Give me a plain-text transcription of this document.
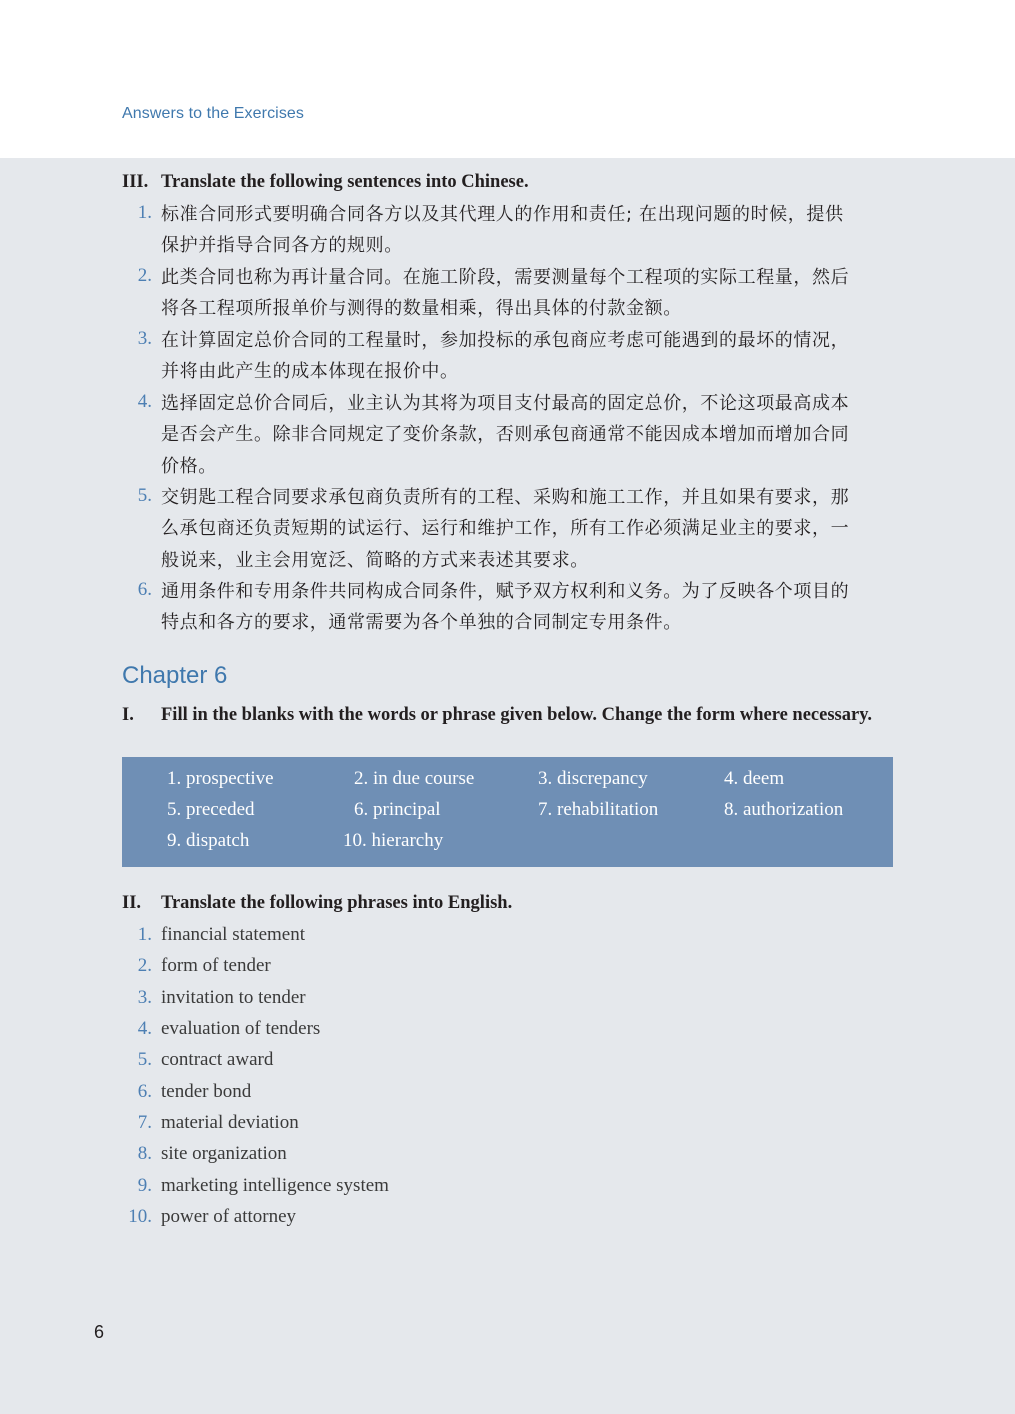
Answers to the Exercises
III. Translate the following sentences into Chinese.
1. 标准合同形式要明确合同各方以及其代理人的作用和责任; 在出现问题的时候，提供
保护并指导合同各方的规则。
2. 此类合同也称为再计量合同。在施工阶段，需要测量每个工程项的实际工程量，然后
将各工程项所报单价与测得的数量相乘，得出具体的付款金额。
3. 在计算固定总价合同的工程量时，参加投标的承包商应考虑可能遇到的最坏的情况，
并将由此产生的成本体现在报价中。
4. 选择固定总价合同后，业主认为其将为项目支付最高的固定总价，不论这项最高成本
是否会产生。除非合同规定了变价条款，否则承包商通常不能因成本增加而增加合同
价格。
5. 交钥匙工程合同要求承包商负责所有的工程、采购和施工工作，并且如果有要求，那
么承包商还负责短期的试运行、运行和维护工作，所有工作必须满足业主的要求，一
般说来，业主会用宽泛、简略的方式来表述其要求。
6. 通用条件和专用条件共同构成合同条件，赋予双方权利和义务。为了反映各个项目的
特点和各方的要求，通常需要为各个单独的合同制定专用条件。
Chapter 6
I. Fill in the blanks with the words or phrase given below. Change the form where necessary.
1. prospective	2. in due course	3. discrepancy	4. deem
5. preceded	6. principal	7. rehabilitation	8. authorization
9. dispatch	10. hierarchy
II. Translate the following phrases into English.
1. financial statement
2. form of tender
3. invitation to tender
4. evaluation of tenders
5. contract award
6. tender bond
7. material deviation
8. site organization
9. marketing intelligence system
10. power of attorney
6
